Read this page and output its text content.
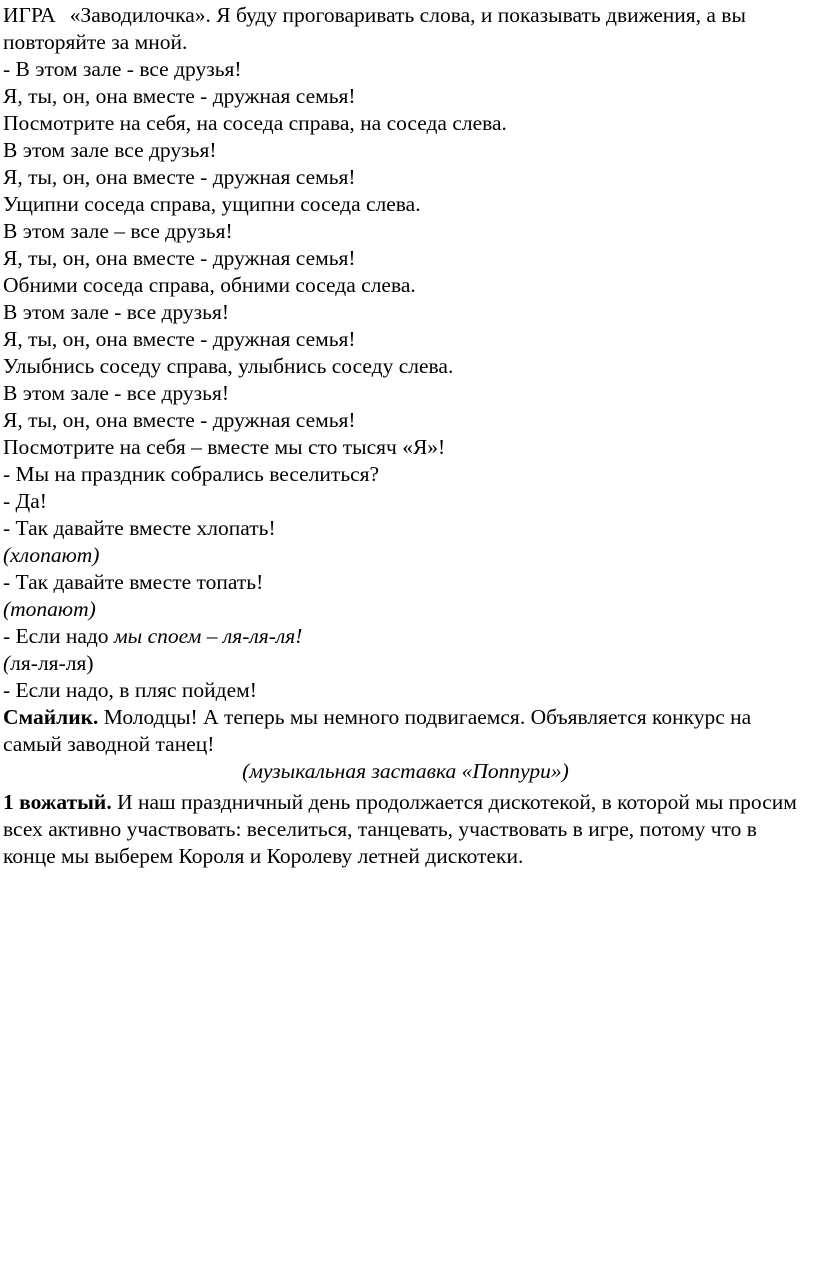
ИГРА «Заводилочка». Я буду проговаривать слова, и показывать движения, а вы повторяйте за мной.
- В этом зале - все друзья!
Я, ты, он, она вместе - дружная семья!
Посмотрите на себя, на соседа справа, на соседа слева.
В этом зале все друзья!
Я, ты, он, она вместе - дружная семья!
Ущипни соседа справа, ущипни соседа слева.
В этом зале – все друзья!
Я, ты, он, она вместе - дружная семья!
Обними соседа справа, обними соседа слева.
В этом зале - все друзья!
Я, ты, он, она вместе - дружная семья!
Улыбнись соседу справа, улыбнись соседу слева.
В этом зале - все друзья!
Я, ты, он, она вместе - дружная семья!
Посмотрите на себя – вместе мы сто тысяч «Я»!
- Мы на праздник собрались веселиться?
- Да!
- Так давайте вместе хлопать!
(хлопают)
- Так давайте вместе топать!
(топают)
- Если надо мы споем – ля-ля-ля!
(ля-ля-ля)
- Если надо, в пляс пойдем!
Смайлик. Молодцы! А теперь мы немного подвигаемся. Объявляется конкурс на самый заводной танец!
(музыкальная заставка «Поппури»)
1 вожатый. И наш праздничный день продолжается дискотекой, в которой мы просим всех активно участвовать: веселиться, танцевать, участвовать в игре, потому что в конце мы выберем Короля и Королеву летней дискотеки.
